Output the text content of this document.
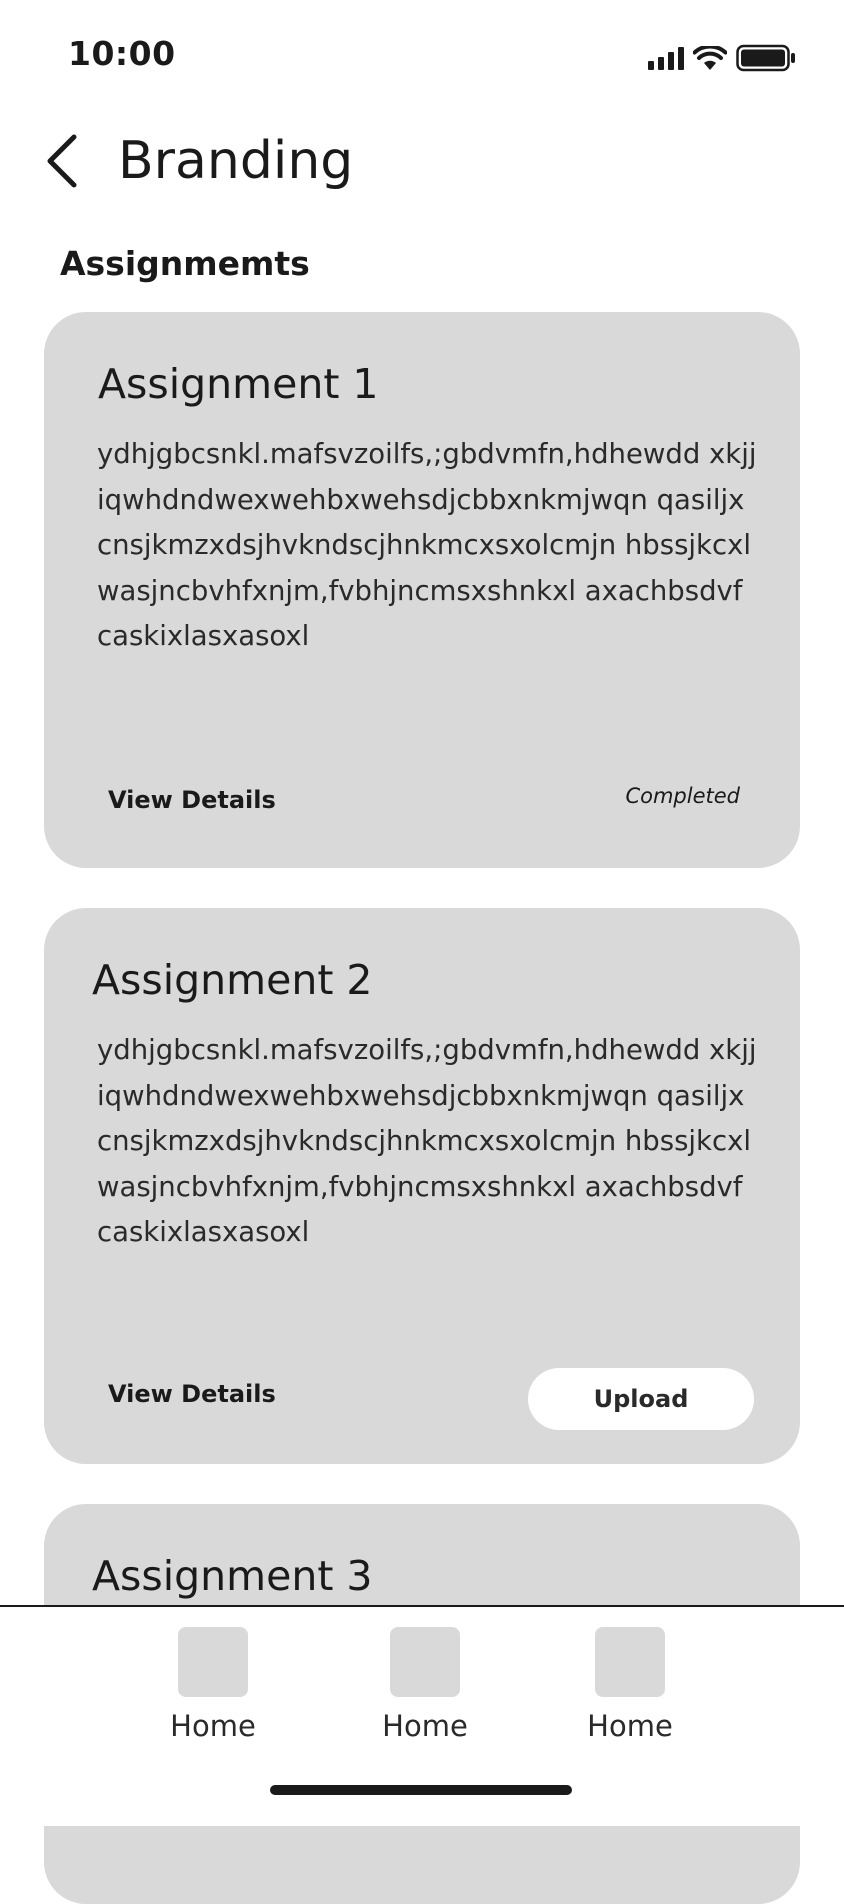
10:00
Branding
Assignmemts
Assignment 1

ydhjgbcsnkl.mafsvzoilfs,;gbdvmfn,hdhewdd xkjjiqwhdndwexwehbxwehsdjcbbxnkmjwqn qasiljxcnsjkmzxdsjhvkndscjhnkmcxsxolcmjn hbssjkcxlwasjncbvhfxnjm,fvbhjncmsxshnkxl axachbsdvfcaskixlasxasoxl

View Details	Completed
Assignment 2

ydhjgbcsnkl.mafsvzoilfs,;gbdvmfn,hdhewdd xkjjiqwhdndwexwehbxwehsdjcbbxnkmjwqn qasiljxcnsjkmzxdsjhvkndscjhnkmcxsxolcmjn hbssjkcxlwasjncbvhfxnjm,fvbhjncmsxshnkxl axachbsdvfcaskixlasxasoxl

View Details	Upload
Assignment 3
Home	Home	Home
